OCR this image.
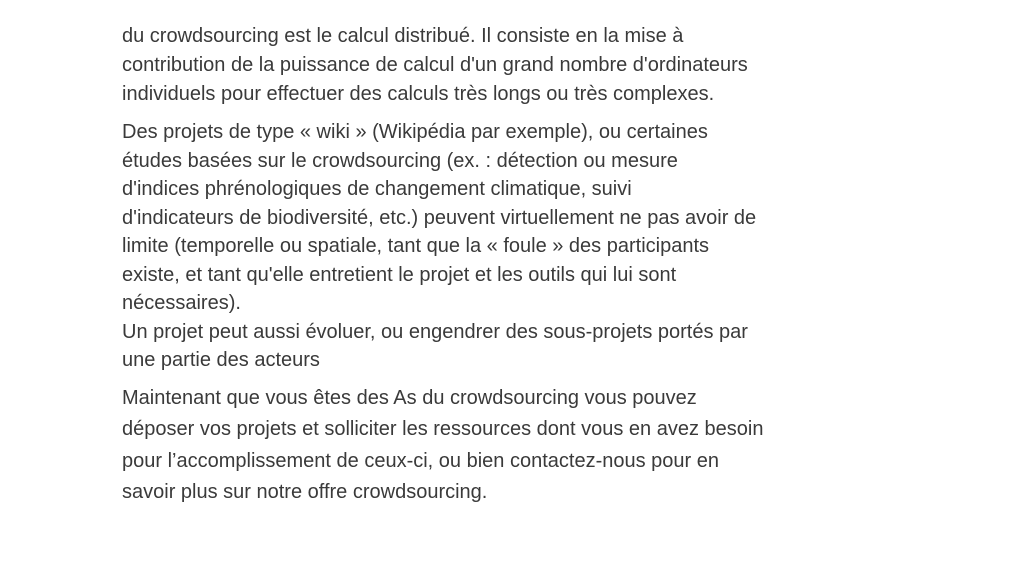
du crowdsourcing est le calcul distribué. Il consiste en la mise à
contribution de la puissance de calcul d'un grand nombre d'ordinateurs
individuels pour effectuer des calculs très longs ou très complexes.

Des projets de type « wiki » (Wikipédia par exemple), ou certaines
études basées sur le crowdsourcing (ex. : détection ou mesure
d'indices phrénologiques de changement climatique, suivi
d'indicateurs de biodiversité, etc.) peuvent virtuellement ne pas avoir de
limite (temporelle ou spatiale, tant que la « foule » des participants
existe, et tant qu'elle entretient le projet et les outils qui lui sont
nécessaires).

Un projet peut aussi évoluer, ou engendrer des sous-projets portés par
une partie des acteurs

Maintenant que vous êtes des As du crowdsourcing vous pouvez
déposer vos projets et solliciter les ressources dont vous en avez besoin
pour l’accomplissement de ceux-ci, ou bien contactez-nous pour en
savoir plus sur notre offre crowdsourcing.
